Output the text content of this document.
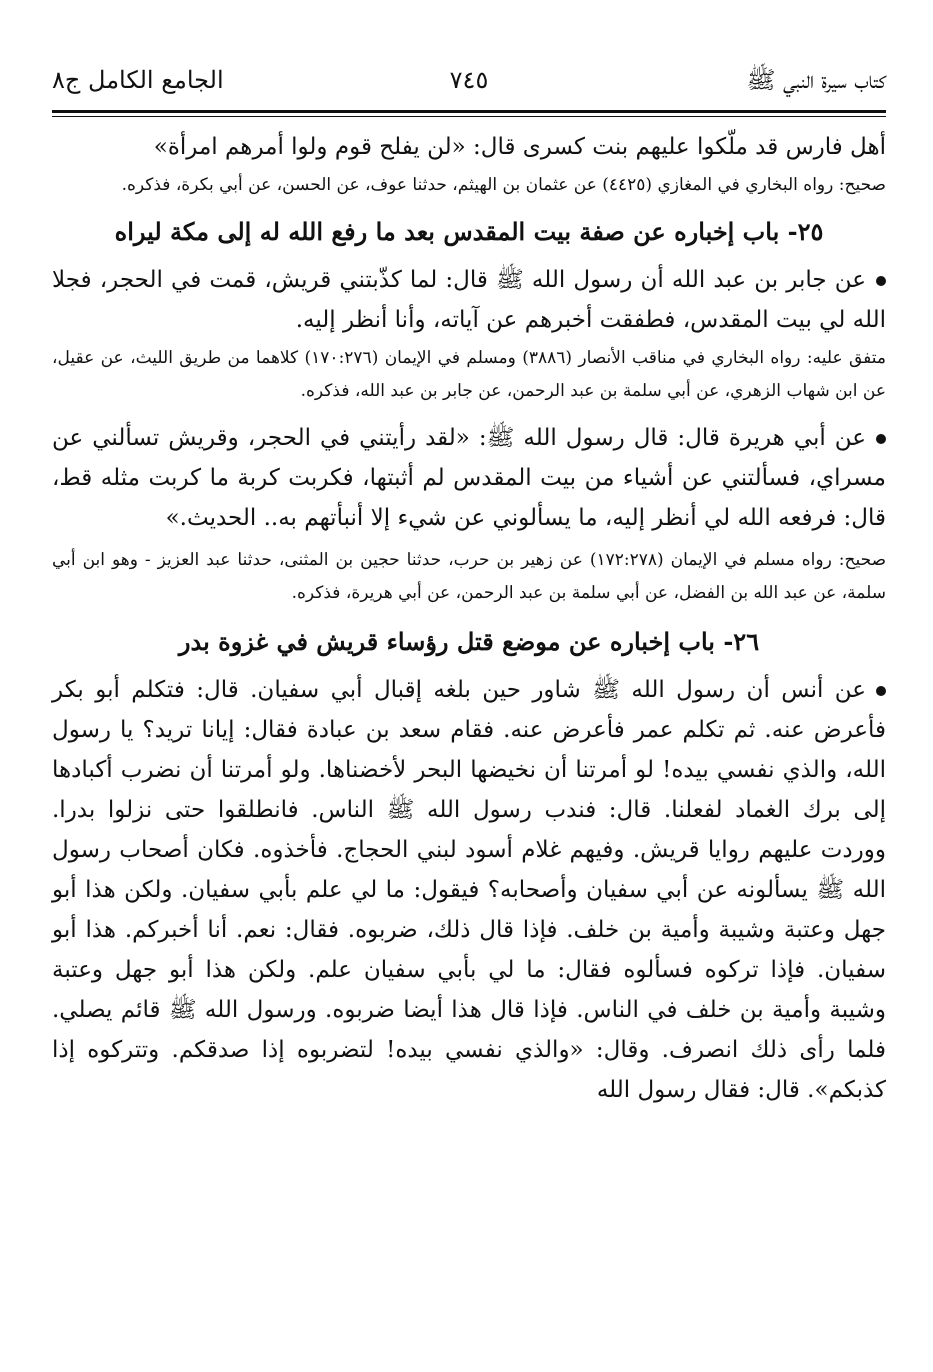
كتاب سيرة النبي ﷺ
٧٤٥
الجامع الكامل ج٨

أهل فارس قد ملّكوا عليهم بنت كسرى قال: «لن يفلح قوم ولوا أمرهم امرأة»

صحيح: رواه البخاري في المغازي (٤٤٢٥) عن عثمان بن الهيثم، حدثنا عوف، عن الحسن، عن أبي بكرة، فذكره.

٢٥- باب إخباره عن صفة بيت المقدس بعد ما رفع الله له إلى مكة ليراه

عن جابر بن عبد الله أن رسول الله ﷺ قال: لما كذّبتني قريش، قمت في الحجر، فجلا الله لي بيت المقدس، فطفقت أخبرهم عن آياته، وأنا أنظر إليه.

متفق عليه: رواه البخاري في مناقب الأنصار (٣٨٨٦) ومسلم في الإيمان (١٧٠:٢٧٦) كلاهما من طريق الليث، عن عقيل، عن ابن شهاب الزهري، عن أبي سلمة بن عبد الرحمن، عن جابر بن عبد الله، فذكره.

عن أبي هريرة قال: قال رسول الله ﷺ: «لقد رأيتني في الحجر، وقريش تسألني عن مسراي، فسألتني عن أشياء من بيت المقدس لم أثبتها، فكربت كربة ما كربت مثله قط، قال: فرفعه الله لي أنظر إليه، ما يسألوني عن شيء إلا أنبأتهم به.. الحديث.»

صحيح: رواه مسلم في الإيمان (١٧٢:٢٧٨) عن زهير بن حرب، حدثنا حجين بن المثنى، حدثنا عبد العزيز - وهو ابن أبي سلمة، عن عبد الله بن الفضل، عن أبي سلمة بن عبد الرحمن، عن أبي هريرة، فذكره.

٢٦- باب إخباره عن موضع قتل رؤساء قريش في غزوة بدر

عن أنس أن رسول الله ﷺ شاور حين بلغه إقبال أبي سفيان. قال: فتكلم أبو بكر فأعرض عنه. ثم تكلم عمر فأعرض عنه. فقام سعد بن عبادة فقال: إيانا تريد؟ يا رسول الله، والذي نفسي بيده! لو أمرتنا أن نخيضها البحر لأخضناها. ولو أمرتنا أن نضرب أكبادها إلى برك الغماد لفعلنا. قال: فندب رسول الله ﷺ الناس. فانطلقوا حتى نزلوا بدرا. ووردت عليهم روايا قريش. وفيهم غلام أسود لبني الحجاج. فأخذوه. فكان أصحاب رسول الله ﷺ يسألونه عن أبي سفيان وأصحابه؟ فيقول: ما لي علم بأبي سفيان. ولكن هذا أبو جهل وعتبة وشيبة وأمية بن خلف. فإذا قال ذلك، ضربوه. فقال: نعم. أنا أخبركم. هذا أبو سفيان. فإذا تركوه فسألوه فقال: ما لي بأبي سفيان علم. ولكن هذا أبو جهل وعتبة وشيبة وأمية بن خلف في الناس. فإذا قال هذا أيضا ضربوه. ورسول الله ﷺ قائم يصلي. فلما رأى ذلك انصرف. وقال: «والذي نفسي بيده! لتضربوه إذا صدقكم. وتتركوه إذا كذبكم». قال: فقال رسول الله
